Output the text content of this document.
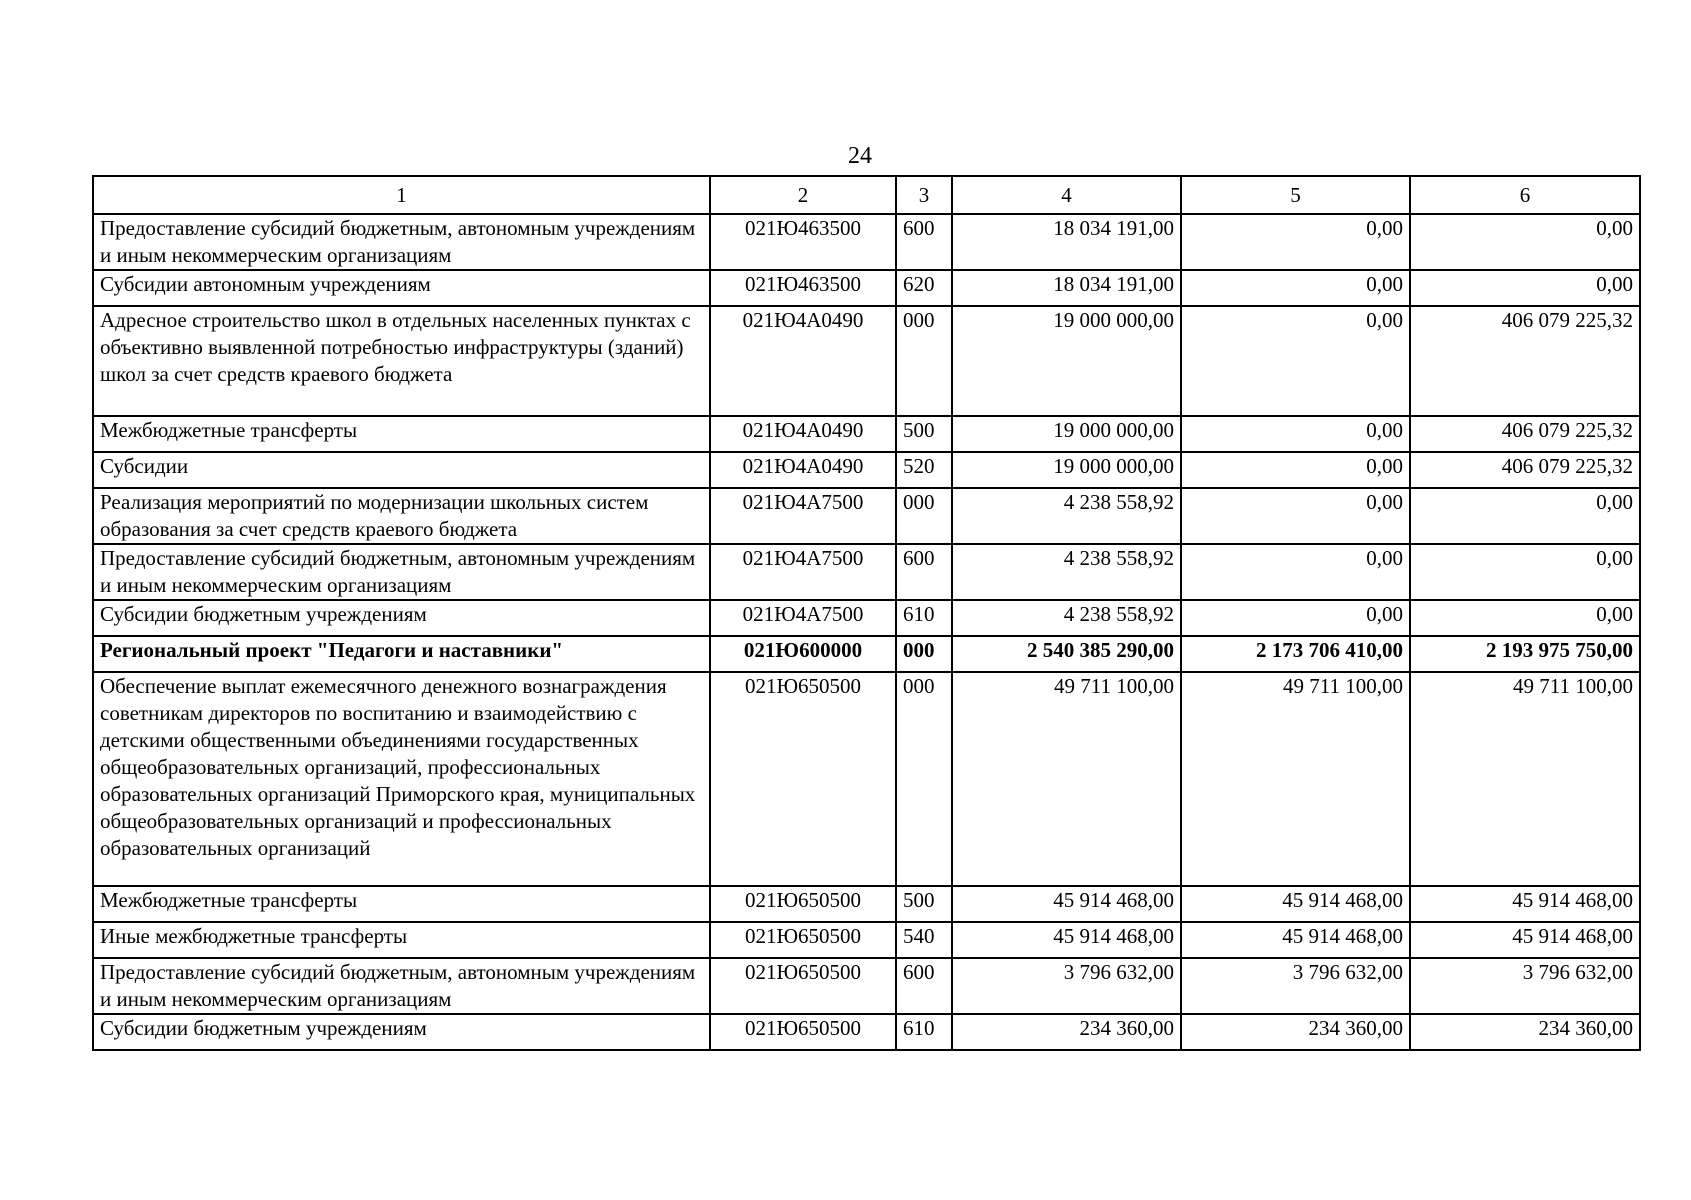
24
1	2	3	4	5	6
Предоставление субсидий бюджетным, автономным учреждениям и иным некоммерческим организациям	021Ю463500	600	18 034 191,00	0,00	0,00
Субсидии автономным учреждениям	021Ю463500	620	18 034 191,00	0,00	0,00
Адресное строительство школ в отдельных населенных пунктах с объективно выявленной потребностью инфраструктуры (зданий) школ за счет средств краевого бюджета	021Ю4А0490	000	19 000 000,00	0,00	406 079 225,32
Межбюджетные трансферты	021Ю4А0490	500	19 000 000,00	0,00	406 079 225,32
Субсидии	021Ю4А0490	520	19 000 000,00	0,00	406 079 225,32
Реализация мероприятий по модернизации школьных систем образования за счет средств краевого бюджета	021Ю4А7500	000	4 238 558,92	0,00	0,00
Предоставление субсидий бюджетным, автономным учреждениям и иным некоммерческим организациям	021Ю4А7500	600	4 238 558,92	0,00	0,00
Субсидии бюджетным учреждениям	021Ю4А7500	610	4 238 558,92	0,00	0,00
Региональный проект "Педагоги и наставники"	021Ю600000	000	2 540 385 290,00	2 173 706 410,00	2 193 975 750,00
Обеспечение выплат ежемесячного денежного вознаграждения советникам директоров по воспитанию и взаимодействию с детскими общественными объединениями государственных общеобразовательных организаций, профессиональных образовательных организаций Приморского края, муниципальных общеобразовательных организаций и профессиональных образовательных организаций	021Ю650500	000	49 711 100,00	49 711 100,00	49 711 100,00
Межбюджетные трансферты	021Ю650500	500	45 914 468,00	45 914 468,00	45 914 468,00
Иные межбюджетные трансферты	021Ю650500	540	45 914 468,00	45 914 468,00	45 914 468,00
Предоставление субсидий бюджетным, автономным учреждениям и иным некоммерческим организациям	021Ю650500	600	3 796 632,00	3 796 632,00	3 796 632,00
Субсидии бюджетным учреждениям	021Ю650500	610	234 360,00	234 360,00	234 360,00
